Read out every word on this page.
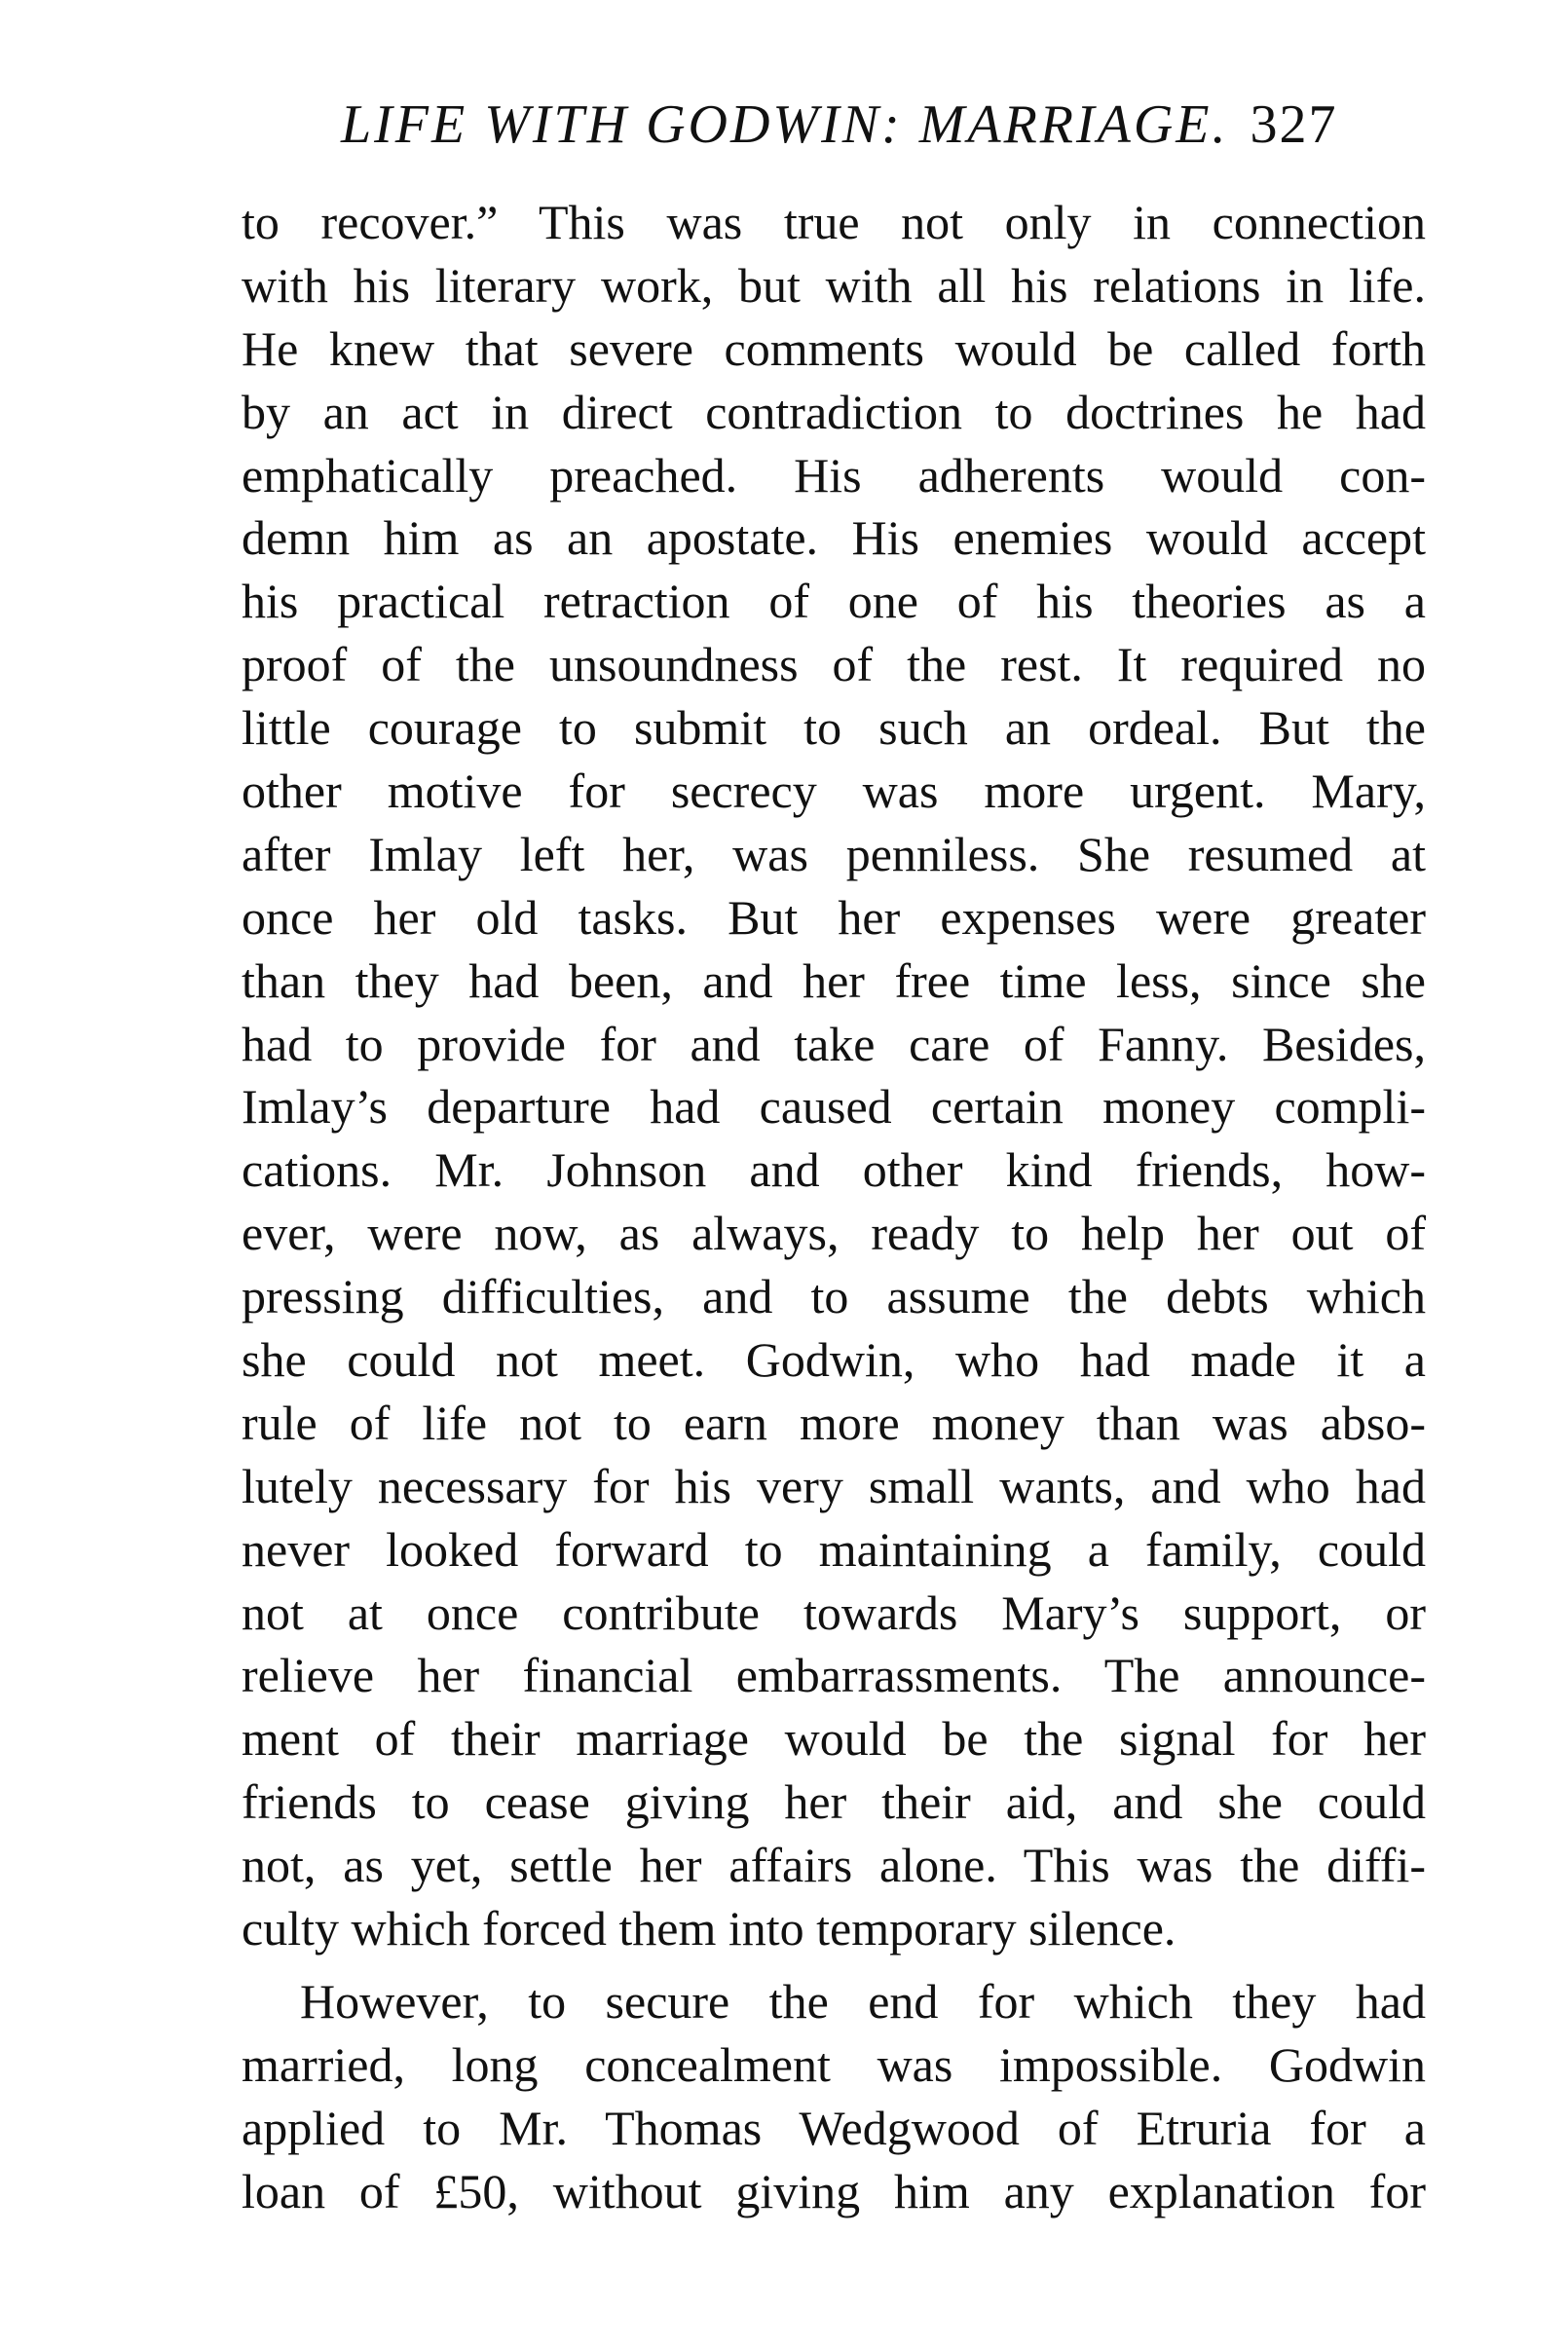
LIFE WITH GODWIN: MARRIAGE. 327
to recover.” This was true not only in connection
with his literary work, but with all his relations in life.
He knew that severe comments would be called forth
by an act in direct contradiction to doctrines he had
emphatically preached. His adherents would con-
demn him as an apostate. His enemies would accept
his practical retraction of one of his theories as a
proof of the unsoundness of the rest. It required no
little courage to submit to such an ordeal. But the
other motive for secrecy was more urgent. Mary,
after Imlay left her, was penniless. She resumed at
once her old tasks. But her expenses were greater
than they had been, and her free time less, since she
had to provide for and take care of Fanny. Besides,
Imlay’s departure had caused certain money compli-
cations. Mr. Johnson and other kind friends, how-
ever, were now, as always, ready to help her out of
pressing difficulties, and to assume the debts which
she could not meet. Godwin, who had made it a
rule of life not to earn more money than was abso-
lutely necessary for his very small wants, and who had
never looked forward to maintaining a family, could
not at once contribute towards Mary’s support, or
relieve her financial embarrassments. The announce-
ment of their marriage would be the signal for her
friends to cease giving her their aid, and she could
not, as yet, settle her affairs alone. This was the diffi-
culty which forced them into temporary silence.
However, to secure the end for which they had
married, long concealment was impossible. Godwin
applied to Mr. Thomas Wedgwood of Etruria for a
loan of £50, without giving him any explanation for
